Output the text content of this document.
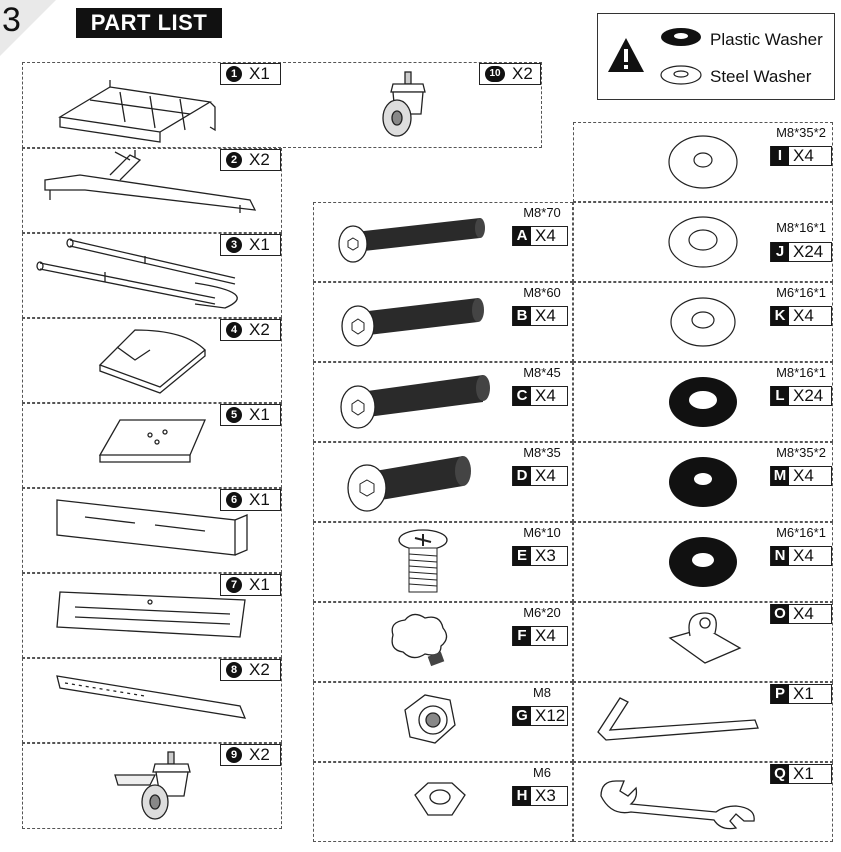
3	PART LIST
Plastic Washer
Steel Washer
1 X1
2 X2
3 X1
4 X2
5 X1
6 X1
7 X1
8 X2
9 X2
10 X2
M8*70
A X4
M8*60
B X4
M8*45
C X4
M8*35
D X4
M6*10
E X3
M6*20
F X4
M8
G X12
M6
H X3
M8*35*2
I X4
M8*16*1
J X24
M6*16*1
K X4
M8*16*1
L X24
M8*35*2
M X4
M6*16*1
N X4
O X4
P X1
Q X1
